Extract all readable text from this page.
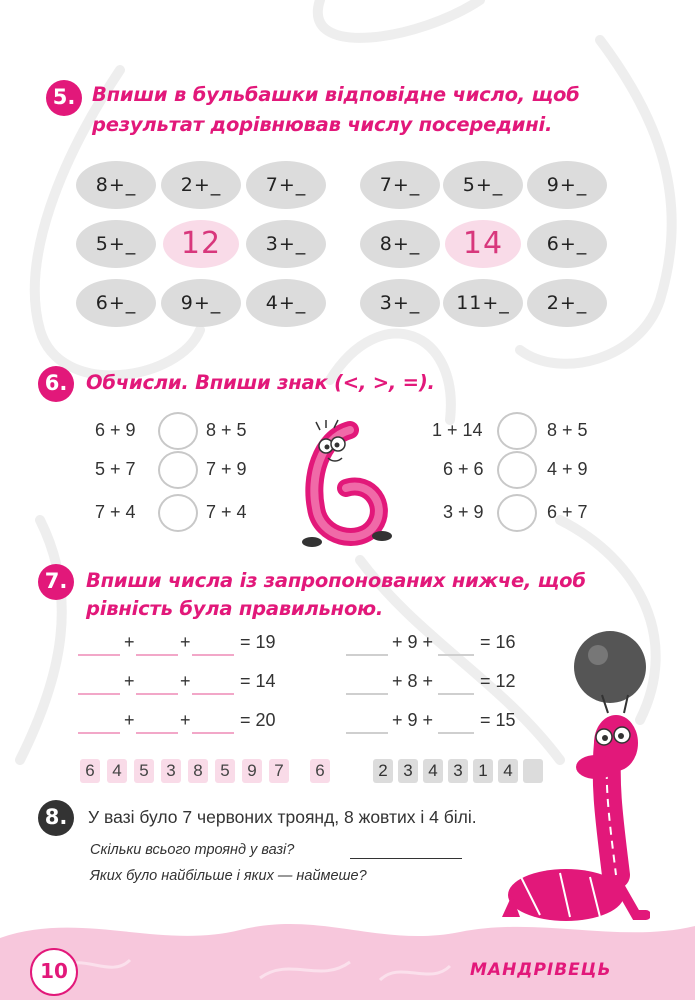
5. Впиши в бульбашки відповідне число, щоб
результат дорівнював числу посередині.
8+_	2+_	7+_
5+_	12	3+_
6+_	9+_	4+_
7+_	5+_	9+_
8+_	14	6+_
3+_	11+_	2+_
6. Обчисли. Впиши знак (<, >, =).
6 + 9	8 + 5
5 + 7	7 + 9
7 + 4	7 + 4
1 + 14	8 + 5
6 + 6	4 + 9
3 + 9	6 + 7
7. Впиши числа із запропонованих нижче, щоб
рівність була правильною.
+	+	= 19
+	+	= 14
+	+	= 20
+ 9 +	= 16
+ 8 +	= 12
+ 9 +	= 15
6	4	5	3	8	5	9	7	6	2 3 4 3 1 4
8.	У вазі було 7 червоних троянд, 8 жовтих і 4 білі.
Скільки всього троянд у вазі?
Яких було найбільше і яких — наймеше?
10	МАНДРІВЕЦЬ
